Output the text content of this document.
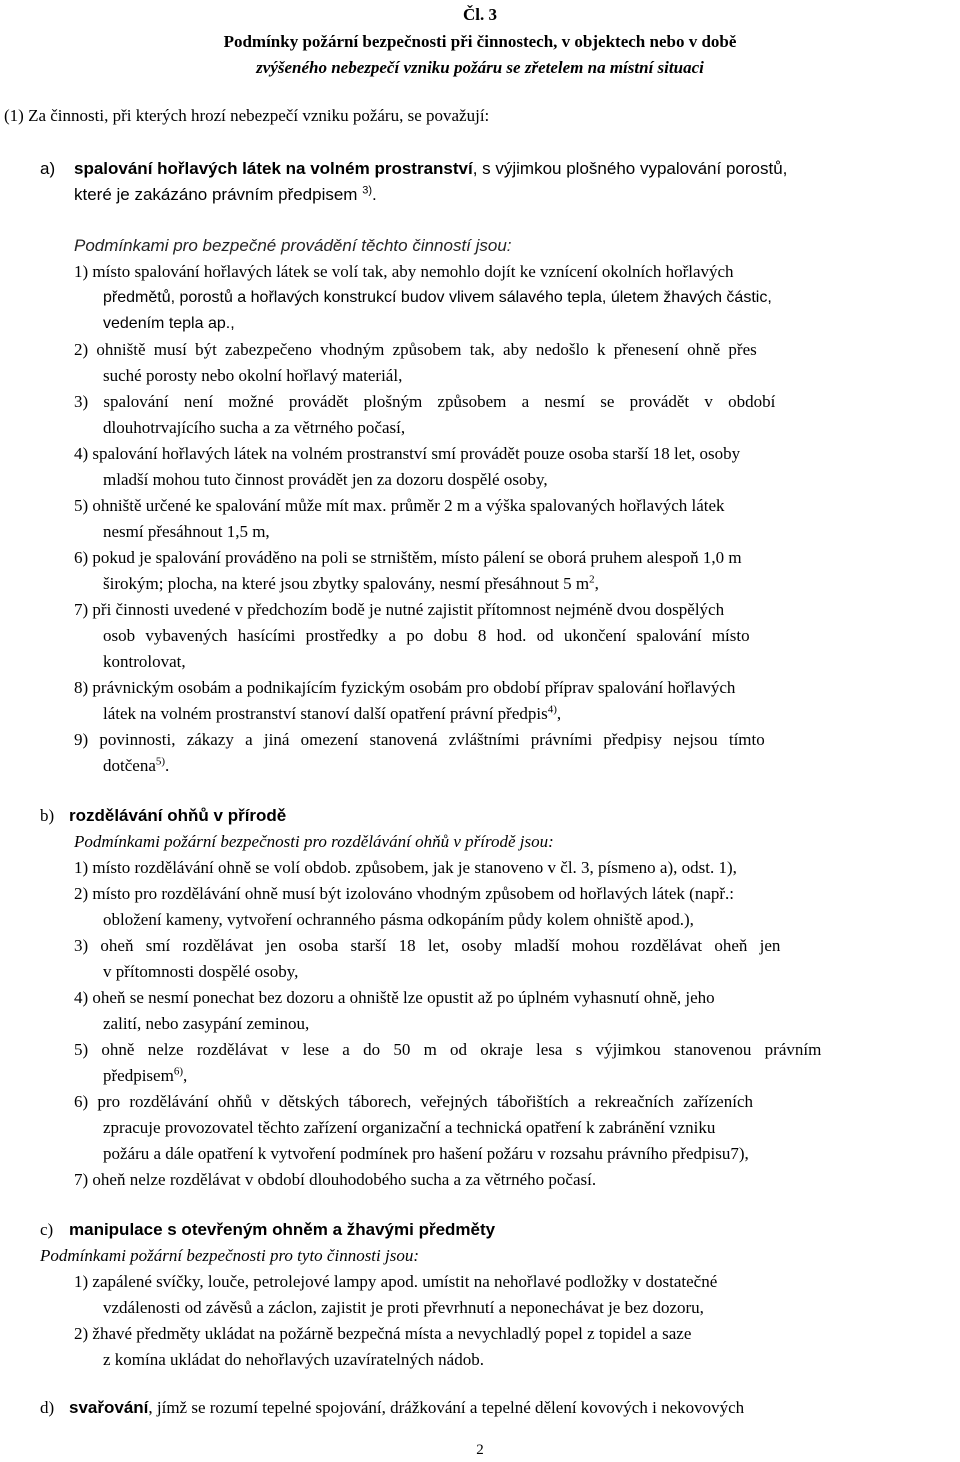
Čl. 3
Podmínky požární bezpečnosti při činnostech, v objektech nebo v době
zvýšeného nebezpečí vzniku požáru se zřetelem na místní situaci
(1) Za činnosti, při kterých hrozí nebezpečí vzniku požáru, se považují:
a) spalování hořlavých látek na volném prostranství, s výjimkou plošného vypalování porostů,
které je zakázáno právním předpisem $^{3)}$.
Podmínkami pro bezpečné provádění těchto činností jsou:
1) místo spalování hořlavých látek se volí tak, aby nemohlo dojít ke vznícení okolních hořlavých
předmětů, porostů a hořlavých konstrukcí budov vlivem sálavého tepla, úletem žhavých částic,
vedením tepla ap.,
2) ohniště musí být zabezpečeno vhodným způsobem tak, aby nedošlo k přenesení ohně přes
suché porosty nebo okolní hořlavý materiál,
3) spalování není možné provádět plošným způsobem a nesmí se provádět v období
dlouhotrvajícího sucha a za větrného počasí,
4) spalování hořlavých látek na volném prostranství smí provádět pouze osoba starší 18 let, osoby
mladší mohou tuto činnost provádět jen za dozoru dospělé osoby,
5) ohniště určené ke spalování může mít max. průměr 2 m a výška spalovaných hořlavých látek
nesmí přesáhnout 1,5 m,
6) pokud je spalování prováděno na poli se strništěm, místo pálení se oborá pruhem alespoň 1,0 m
širokým; plocha, na které jsou zbytky spalovány, nesmí přesáhnout 5 $m^2$,
7) při činnosti uvedené v předchozím bodě je nutné zajistit přítomnost nejméně dvou dospělých
osob vybavených hasícími prostředky a po dobu 8 hod. od ukončení spalování místo
kontrolovat,
8) právnickým osobám a podnikajícím fyzickým osobám pro období příprav spalování hořlavých
látek na volném prostranství stanoví další opatření právní předpis$^{4)}$,
9) povinnosti, zákazy a jiná omezení stanovená zvláštními právními předpisy nejsou tímto
dotčena$^{5)}$.
b) rozdělávání ohňů v přírodě
Podmínkami požární bezpečnosti pro rozdělávání ohňů v přírodě jsou:
1) místo rozdělávání ohně se volí obdob. způsobem, jak je stanoveno v čl. 3, písmeno a), odst. 1),
2) místo pro rozdělávání ohně musí být izolováno vhodným způsobem od hořlavých látek (např.:
obložení kameny, vytvoření ochranného pásma odkopáním půdy kolem ohniště apod.),
3) oheň smí rozdělávat jen osoba starší 18 let, osoby mladší mohou rozdělávat oheň jen
v přítomnosti dospělé osoby,
4) oheň se nesmí ponechat bez dozoru a ohniště lze opustit až po úplném vyhasnutí ohně, jeho
zalití, nebo zasypání zeminou,
5) ohně nelze rozdělávat v lese a do 50 m od okraje lesa s výjimkou stanovenou právním
předpisem$^{6)}$,
6) pro rozdělávání ohňů v dětských táborech, veřejných tábořištích a rekreačních zařízeních
zpracuje provozovatel těchto zařízení organizační a technická opatření k zabránění vzniku
požáru a dále opatření k vytvoření podmínek pro hašení požáru v rozsahu právního předpisu7),
7) oheň nelze rozdělávat v období dlouhodobého sucha a za větrného počasí.
c) manipulace s otevřeným ohněm a žhavými předměty
Podmínkami požární bezpečnosti pro tyto činnosti jsou:
1) zapálené svíčky, louče, petrolejové lampy apod. umístit na nehořlavé podložky v dostatečné
vzdálenosti od závěsů a záclon, zajistit je proti převrhnutí a neponechávat je bez dozoru,
2) žhavé předměty ukládat na požárně bezpečná místa a nevychladlý popel z topidel a saze
z komína ukládat do nehořlavých uzavíratelných nádob.
d) svařování, jímž se rozumí tepelné spojování, drážkování a tepelné dělení kovových i nekovových
2
